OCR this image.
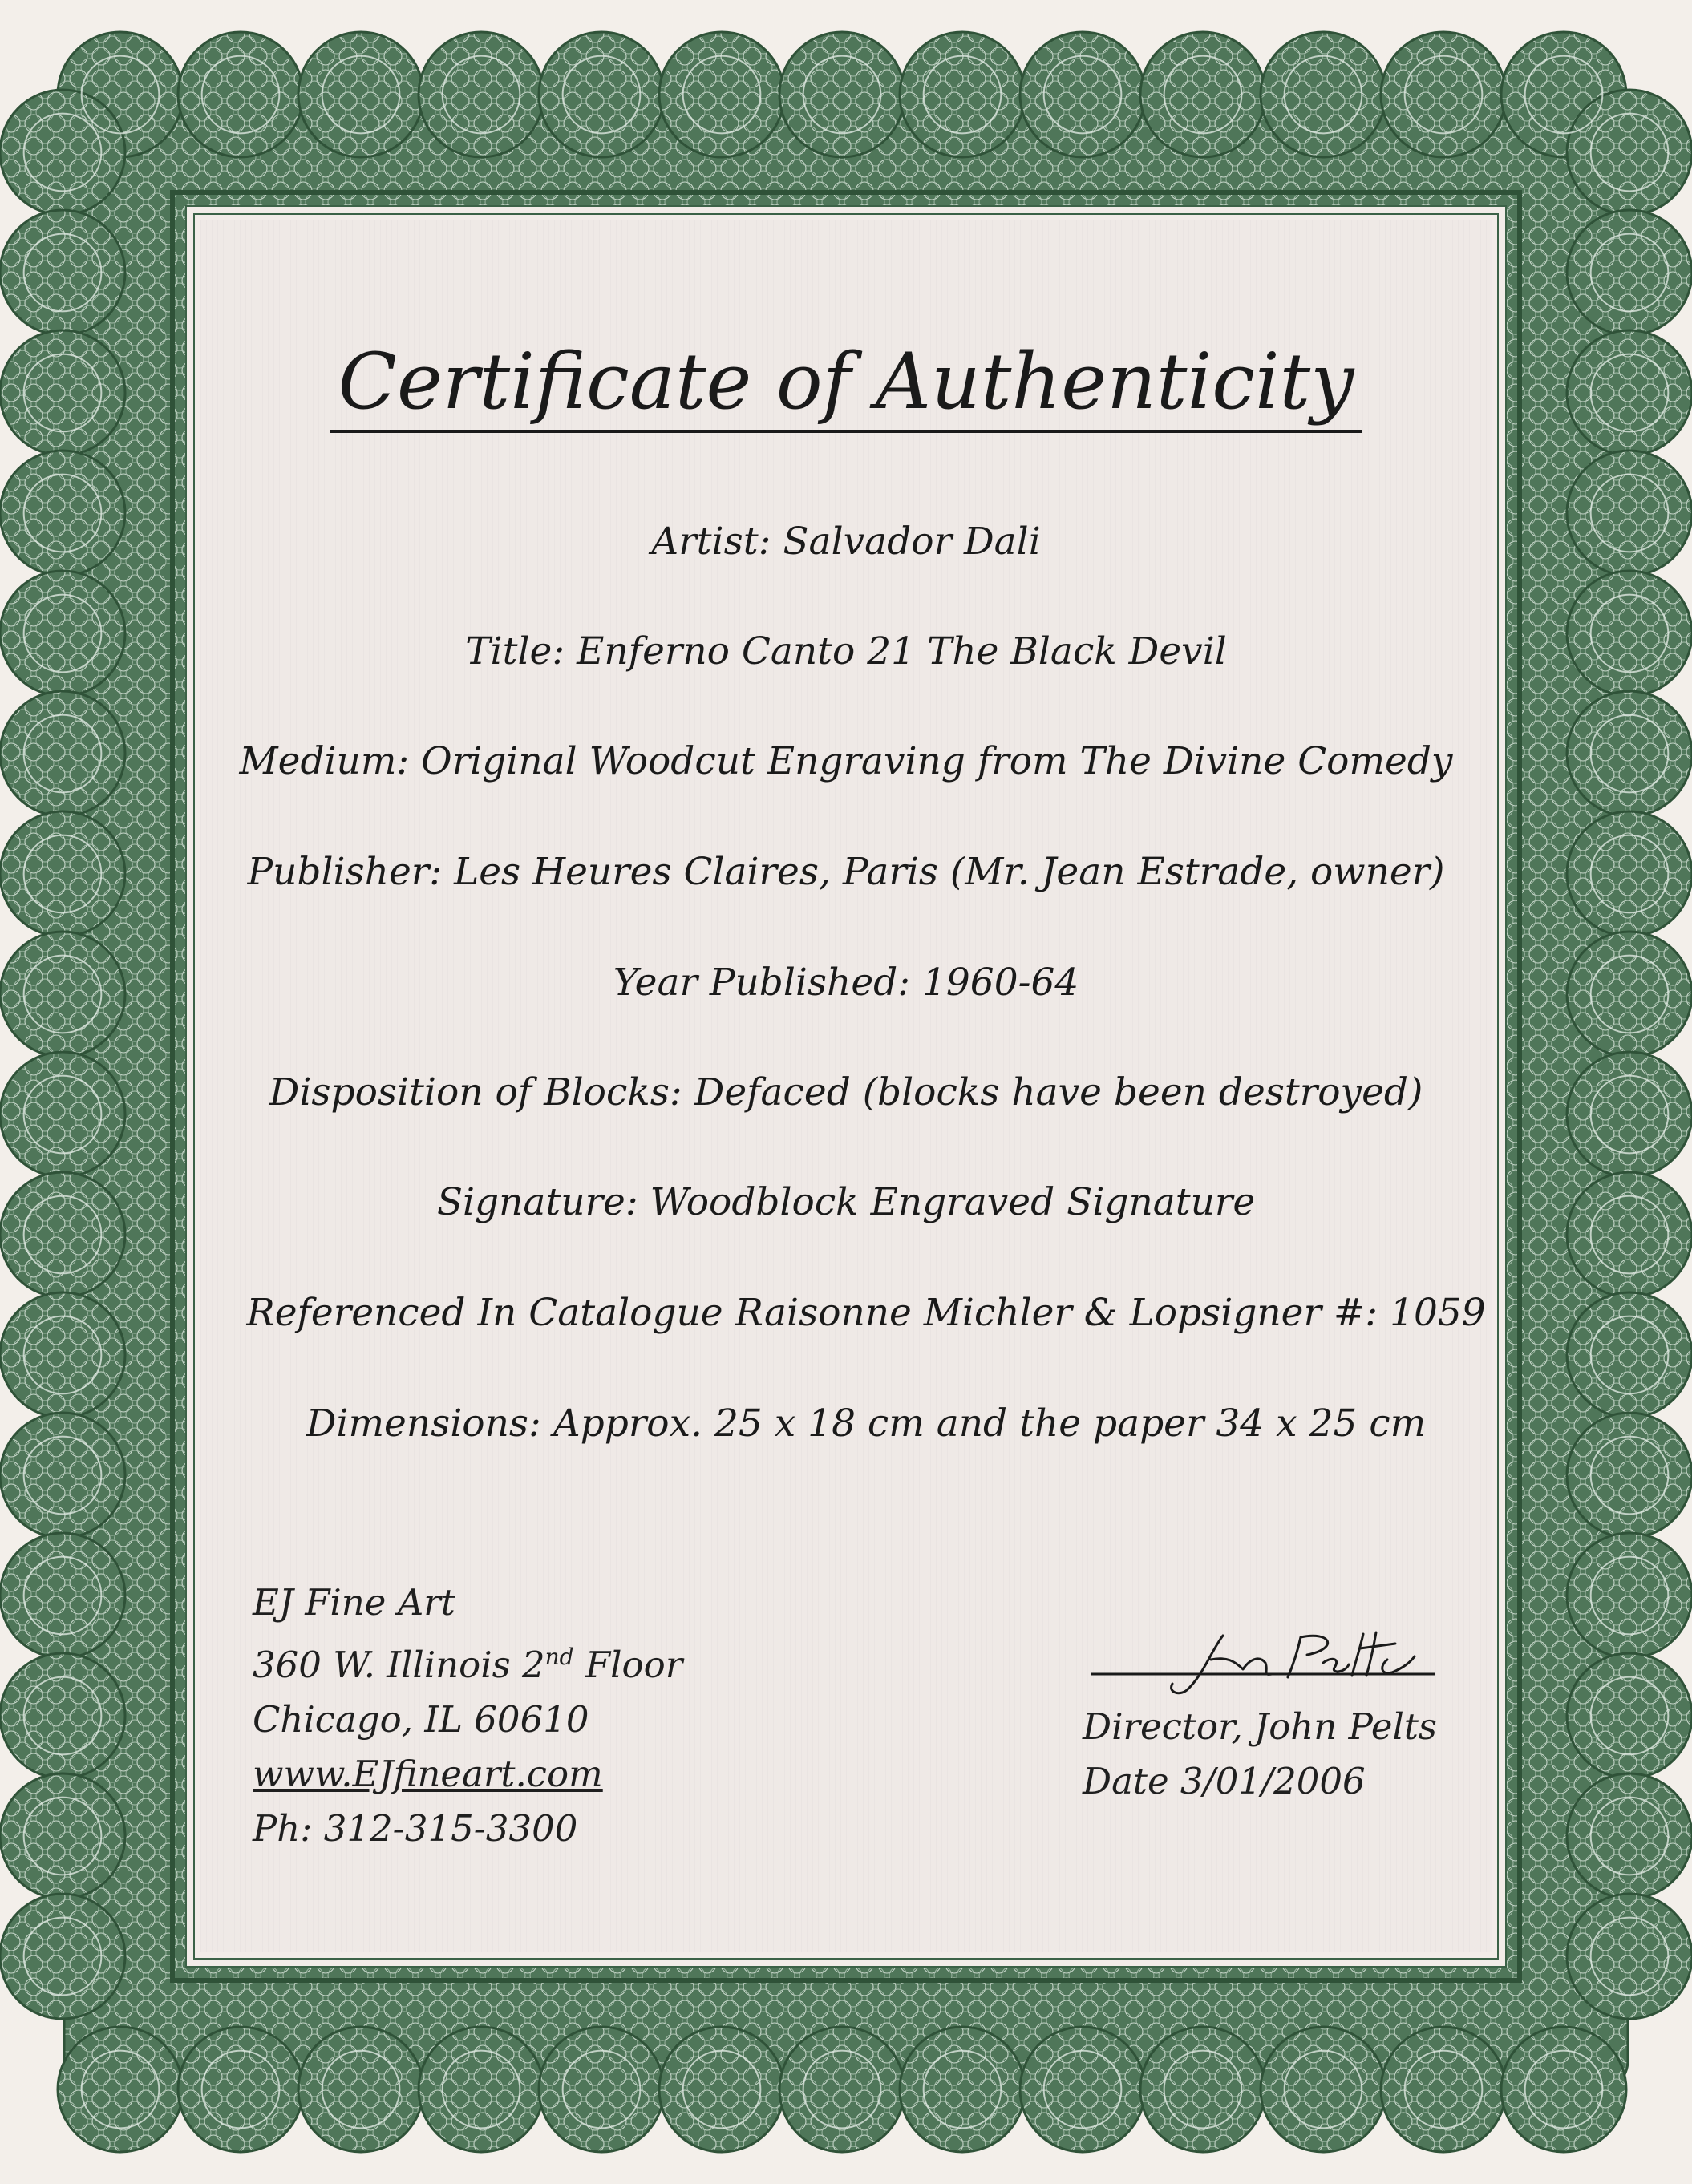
Certificate of Authenticity
Artist: Salvador Dali
Title: Enferno Canto 21 The Black Devil
Medium: Original Woodcut Engraving from The Divine Comedy
Publisher: Les Heures Claires, Paris (Mr. Jean Estrade, owner)
Year Published: 1960-64
Disposition of Blocks: Defaced (blocks have been destroyed)
Signature: Woodblock Engraved Signature
Referenced In Catalogue Raisonne Michler & Lopsigner #: 1059
Dimensions: Approx. 25 x 18 cm and the paper 34 x 25 cm
EJ Fine Art
360 W. Illinois 2nd Floor
Chicago, IL 60610
www.EJfineart.com
Ph: 312-315-3300
Director, John Pelts
Date 3/01/2006
